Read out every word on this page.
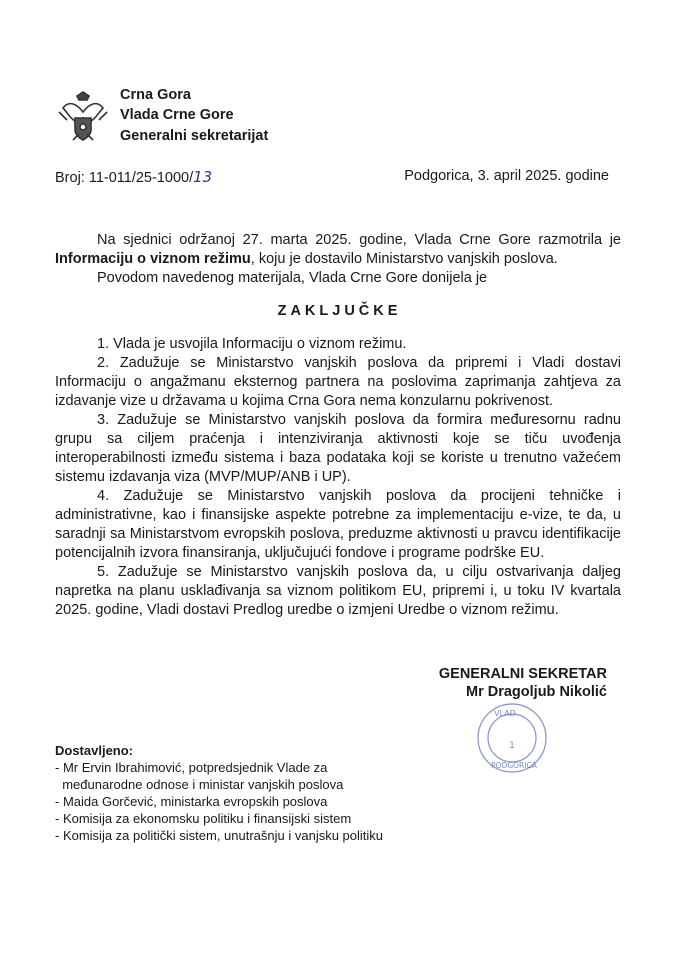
Crna Gora
Vlada Crne Gore
Generalni sekretarijat
Broj: 11-011/25-1000/13	Podgorica, 3. april 2025. godine
Na sjednici održanoj 27. marta 2025. godine, Vlada Crne Gore razmotrila je Informaciju o viznom režimu, koju je dostavilo Ministarstvo vanjskih poslova.
Povodom navedenog materijala, Vlada Crne Gore donijela je
ZAKLJUČKE

1. Vlada je usvojila Informaciju o viznom režimu.

2. Zadužuje se Ministarstvo vanjskih poslova da pripremi i Vladi dostavi Informaciju o angažmanu eksternog partnera na poslovima zaprimanja zahtjeva za izdavanje vize u državama u kojima Crna Gora nema konzularnu pokrivenost.

3. Zadužuje se Ministarstvo vanjskih poslova da formira međuresornu radnu grupu sa ciljem praćenja i intenziviranja aktivnosti koje se tiču uvođenja interoperabilnosti između sistema i baza podataka koji se koriste u trenutno važećem sistemu izdavanja viza (MVP/MUP/ANB i UP).

4. Zadužuje se Ministarstvo vanjskih poslova da procijeni tehničke i administrativne, kao i finansijske aspekte potrebne za implementaciju e-vize, te da, u saradnji sa Ministarstvom evropskih poslova, preduzme aktivnosti u pravcu identifikacije potencijalnih izvora finansiranja, uključujući fondove i programe podrške EU.

5. Zadužuje se Ministarstvo vanjskih poslova da, u cilju ostvarivanja daljeg napretka na planu usklađivanja sa viznom politikom EU, pripremi i, u toku IV kvartala 2025. godine, Vladi dostavi Predlog uredbe o izmjeni Uredbe o viznom režimu.

GENERALNI SEKRETAR
Mr Dragoljub Nikolić
VLAD
1
PODGORICA
Dostavljeno:
- Mr Ervin Ibrahimović, potpredsjednik Vlade za
međunarodne odnose i ministar vanjskih poslova
- Maida Gorčević, ministarka evropskih poslova
- Komisija za ekonomsku politiku i finansijski sistem
- Komisija za politički sistem, unutrašnju i vanjsku politiku
